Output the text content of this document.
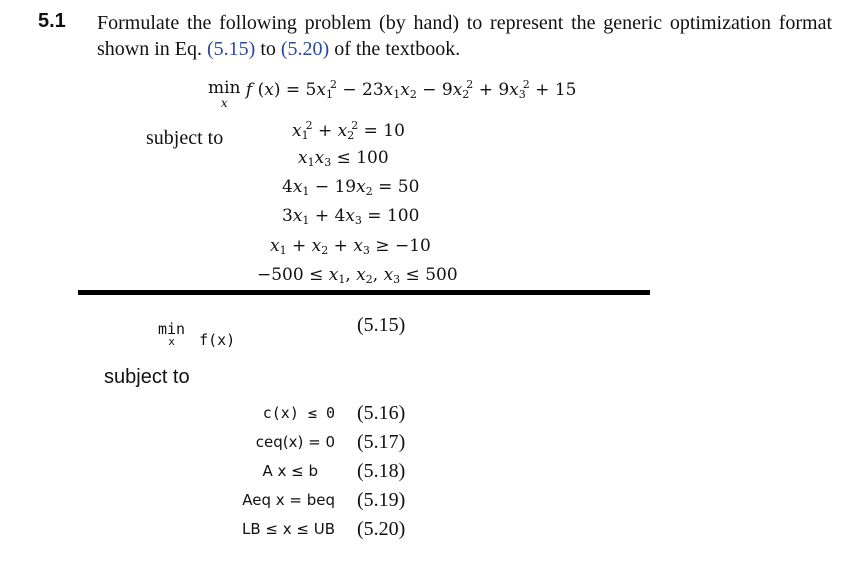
5.1 Formulate the following problem (by hand) to represent the generic optimization format shown in Eq. (5.15) to (5.20) of the textbook.
min
x
f $(x) = 5x_1^2 - 23x_1x_2 - 9x_2^2 + 9x_3^2 + 15$
subject to	$x_1^2 + x_2^2 = 10$
$x_1x_3 \le 100$
$4x_1 - 19x_2 = 50$
$3x_1 + 4x_3 = 100$
$x_1 + x_2 + x_3 \ge -10$
$-500 \le x_1$, $x_2$, $x_3 \le 500$
min
x	f(x)
(5.15)
subject to
c(x) ≤ 0 (5.16)
ceq(x) = 0 (5.17)
A x ≤ b (5.18)
Aeq x = beq (5.19)
LB ≤ x ≤ UB (5.20)
